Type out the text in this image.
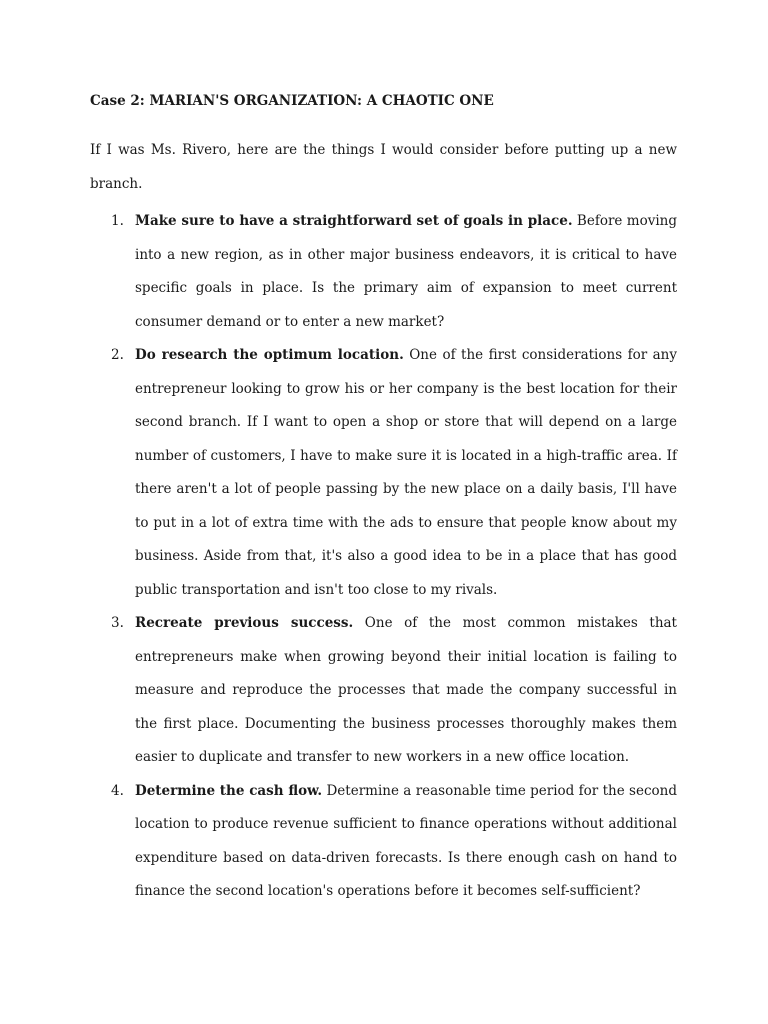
Case 2: MARIAN'S ORGANIZATION: A CHAOTIC ONE

If I was Ms. Rivero, here are the things I would consider before putting up a new branch.

1. Make sure to have a straightforward set of goals in place. Before moving into a new region, as in other major business endeavors, it is critical to have specific goals in place. Is the primary aim of expansion to meet current consumer demand or to enter a new market?
2. Do research the optimum location. One of the first considerations for any entrepreneur looking to grow his or her company is the best location for their second branch. If I want to open a shop or store that will depend on a large number of customers, I have to make sure it is located in a high-traffic area. If there aren't a lot of people passing by the new place on a daily basis, I'll have to put in a lot of extra time with the ads to ensure that people know about my business. Aside from that, it's also a good idea to be in a place that has good public transportation and isn't too close to my rivals.
3. Recreate previous success. One of the most common mistakes that entrepreneurs make when growing beyond their initial location is failing to measure and reproduce the processes that made the company successful in the first place. Documenting the business processes thoroughly makes them easier to duplicate and transfer to new workers in a new office location.
4. Determine the cash flow. Determine a reasonable time period for the second location to produce revenue sufficient to finance operations without additional expenditure based on data-driven forecasts. Is there enough cash on hand to finance the second location's operations before it becomes self-sufficient?
